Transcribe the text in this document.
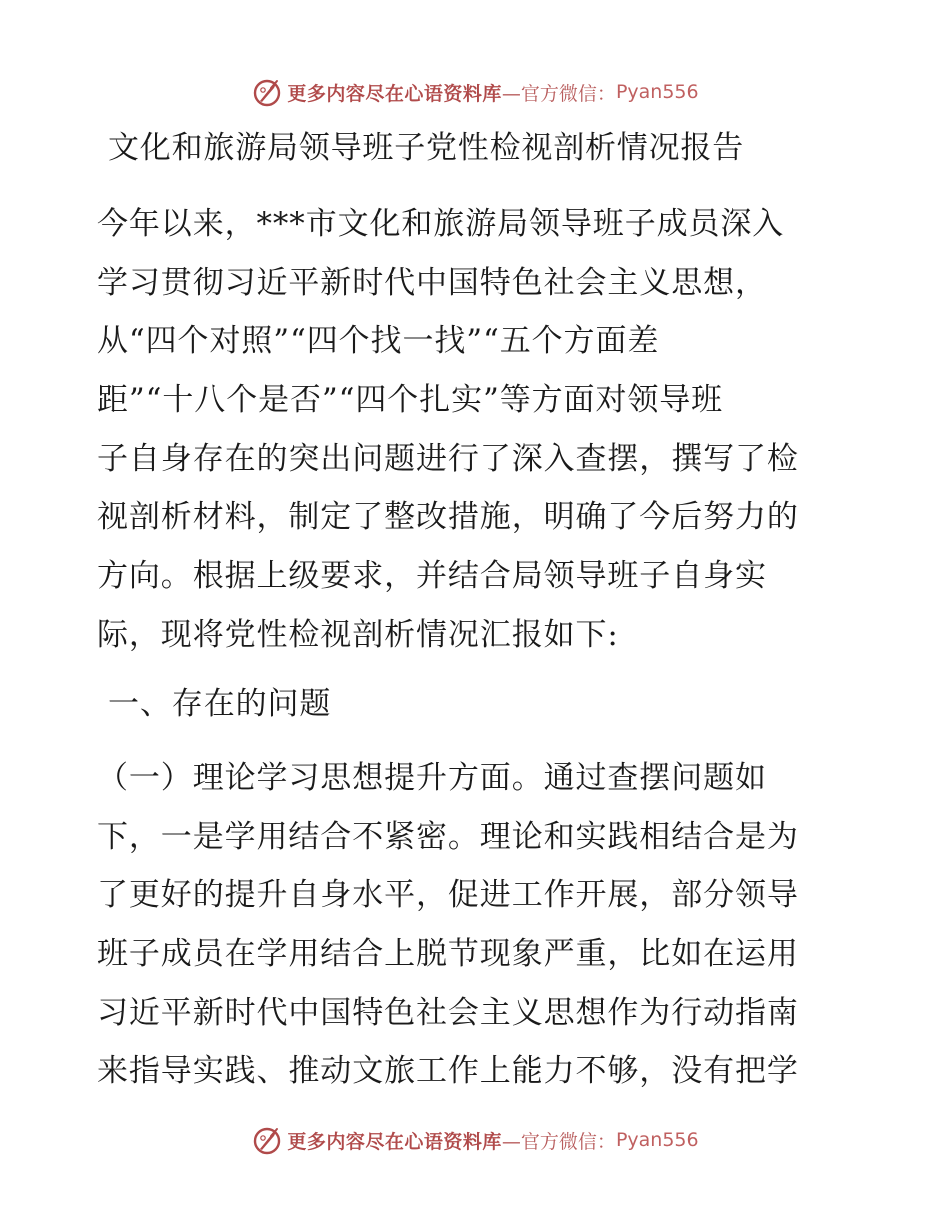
更多内容尽在心语资料库 —官方微信： Pyan556
文化和旅游局领导班子党性检视剖析情况报告
今年以来，***市文化和旅游局领导班子成员深入
学习贯彻习近平新时代中国特色社会主义思想，
从“四个对照”“四个找一找”“五个方面差
距”“十八个是否”“四个扎实”等方面对领导班
子自身存在的突出问题进行了深入查摆，撰写了检
视剖析材料，制定了整改措施，明确了今后努力的
方向。根据上级要求，并结合局领导班子自身实
际，现将党性检视剖析情况汇报如下:
一、存在的问题
（一）理论学习思想提升方面。通过查摆问题如
下，一是学用结合不紧密。理论和实践相结合是为
了更好的提升自身水平，促进工作开展，部分领导
班子成员在学用结合上脱节现象严重，比如在运用
习近平新时代中国特色社会主义思想作为行动指南
来指导实践、推动文旅工作上能力不够，没有把学
更多内容尽在心语资料库 —官方微信： Pyan556
